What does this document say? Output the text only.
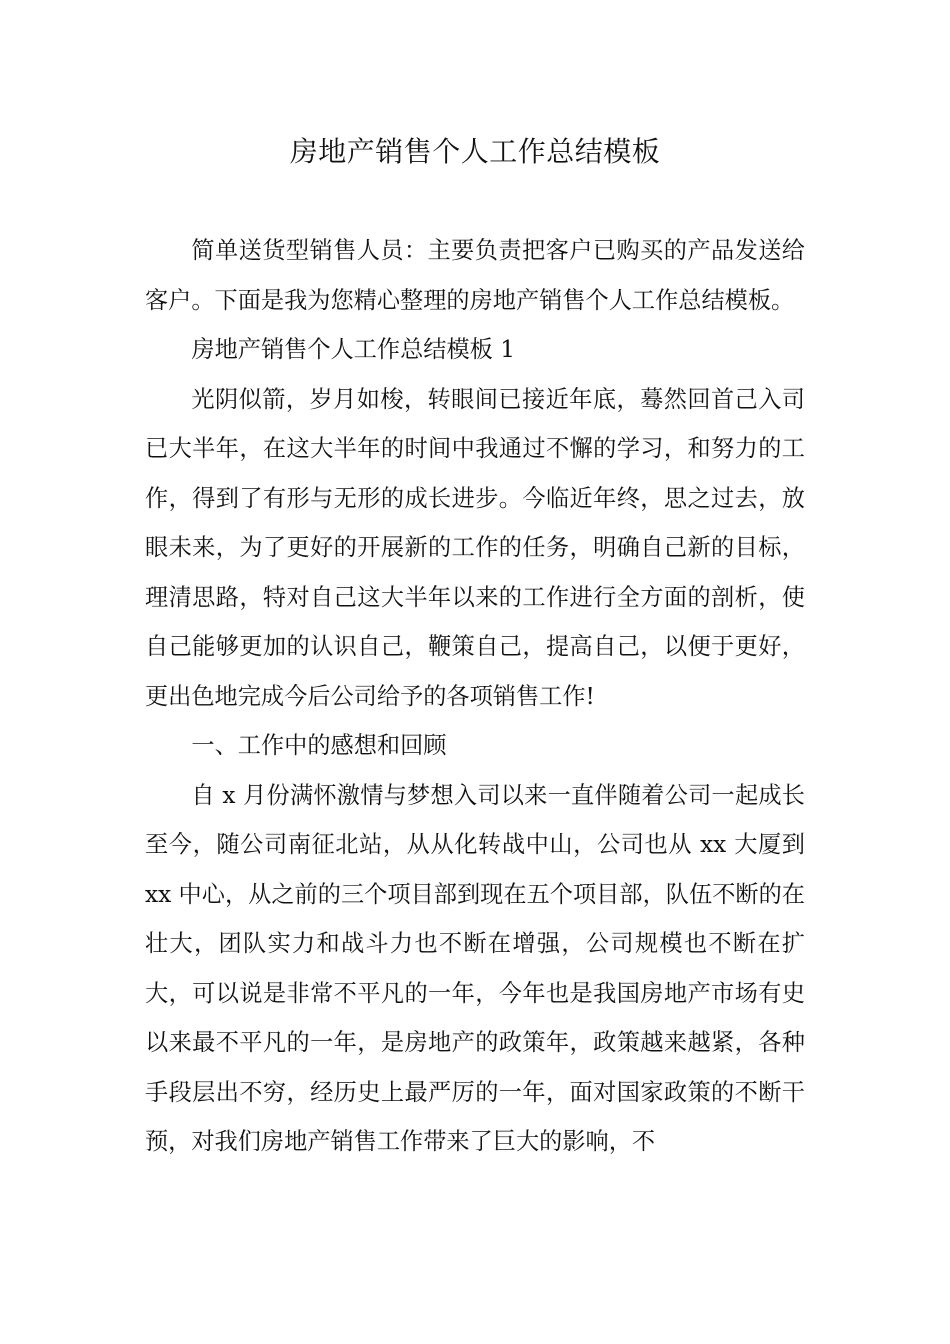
房地产销售个人工作总结模板

简单送货型销售人员：主要负责把客户已购买的产品发送给客户。下面是我为您精心整理的房地产销售个人工作总结模板。

房地产销售个人工作总结模板 1

光阴似箭，岁月如梭，转眼间已接近年底，蓦然回首己入司已大半年，在这大半年的时间中我通过不懈的学习，和努力的工作，得到了有形与无形的成长进步。今临近年终，思之过去，放眼未来，为了更好的开展新的工作的任务，明确自己新的目标，理清思路，特对自己这大半年以来的工作进行全方面的剖析，使自己能够更加的认识自己，鞭策自己，提高自己，以便于更好，更出色地完成今后公司给予的各项销售工作!

一、工作中的感想和回顾

自 x 月份满怀激情与梦想入司以来一直伴随着公司一起成长至今，随公司南征北站，从从化转战中山，公司也从 xx 大厦到 xx 中心，从之前的三个项目部到现在五个项目部，队伍不断的在壮大，团队实力和战斗力也不断在增强，公司规模也不断在扩大，可以说是非常不平凡的一年，今年也是我国房地产市场有史以来最不平凡的一年，是房地产的政策年，政策越来越紧，各种手段层出不穷，经历史上最严厉的一年，面对国家政策的不断干预，对我们房地产销售工作带来了巨大的影响，不
